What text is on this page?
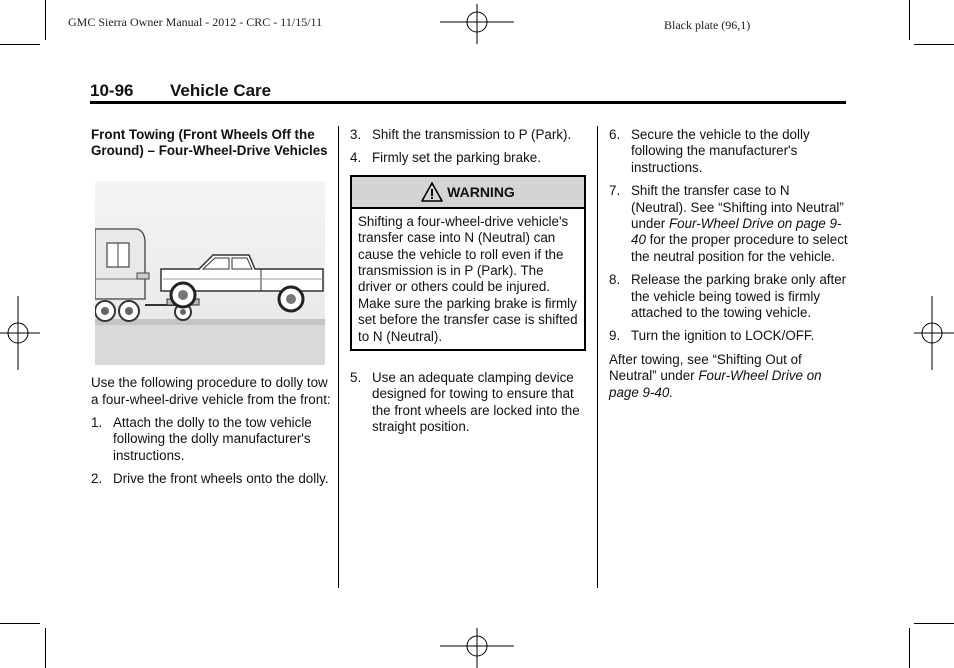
GMC Sierra Owner Manual - 2012 - CRC - 11/15/11	Black plate (96,1)
10-96 Vehicle Care

Front Towing (Front Wheels Off the Ground) – Four-Wheel-Drive Vehicles

Use the following procedure to dolly tow a four-wheel-drive vehicle from the front:

1. Attach the dolly to the tow vehicle following the dolly manufacturer's instructions.
2. Drive the front wheels onto the dolly.
3. Shift the transmission to P (Park).
4. Firmly set the parking brake.
WARNING
Shifting a four-wheel-drive vehicle's transfer case into N (Neutral) can cause the vehicle to roll even if the transmission is in P (Park). The driver or others could be injured. Make sure the parking brake is firmly set before the transfer case is shifted to N (Neutral).
5. Use an adequate clamping device designed for towing to ensure that the front wheels are locked into the straight position.
6. Secure the vehicle to the dolly following the manufacturer's instructions.
7. Shift the transfer case to N (Neutral). See “Shifting into Neutral” under Four-Wheel Drive on page 9-40 for the proper procedure to select the neutral position for the vehicle.
8. Release the parking brake only after the vehicle being towed is firmly attached to the towing vehicle.
9. Turn the ignition to LOCK/OFF.

After towing, see “Shifting Out of Neutral” under Four-Wheel Drive on page 9-40.
